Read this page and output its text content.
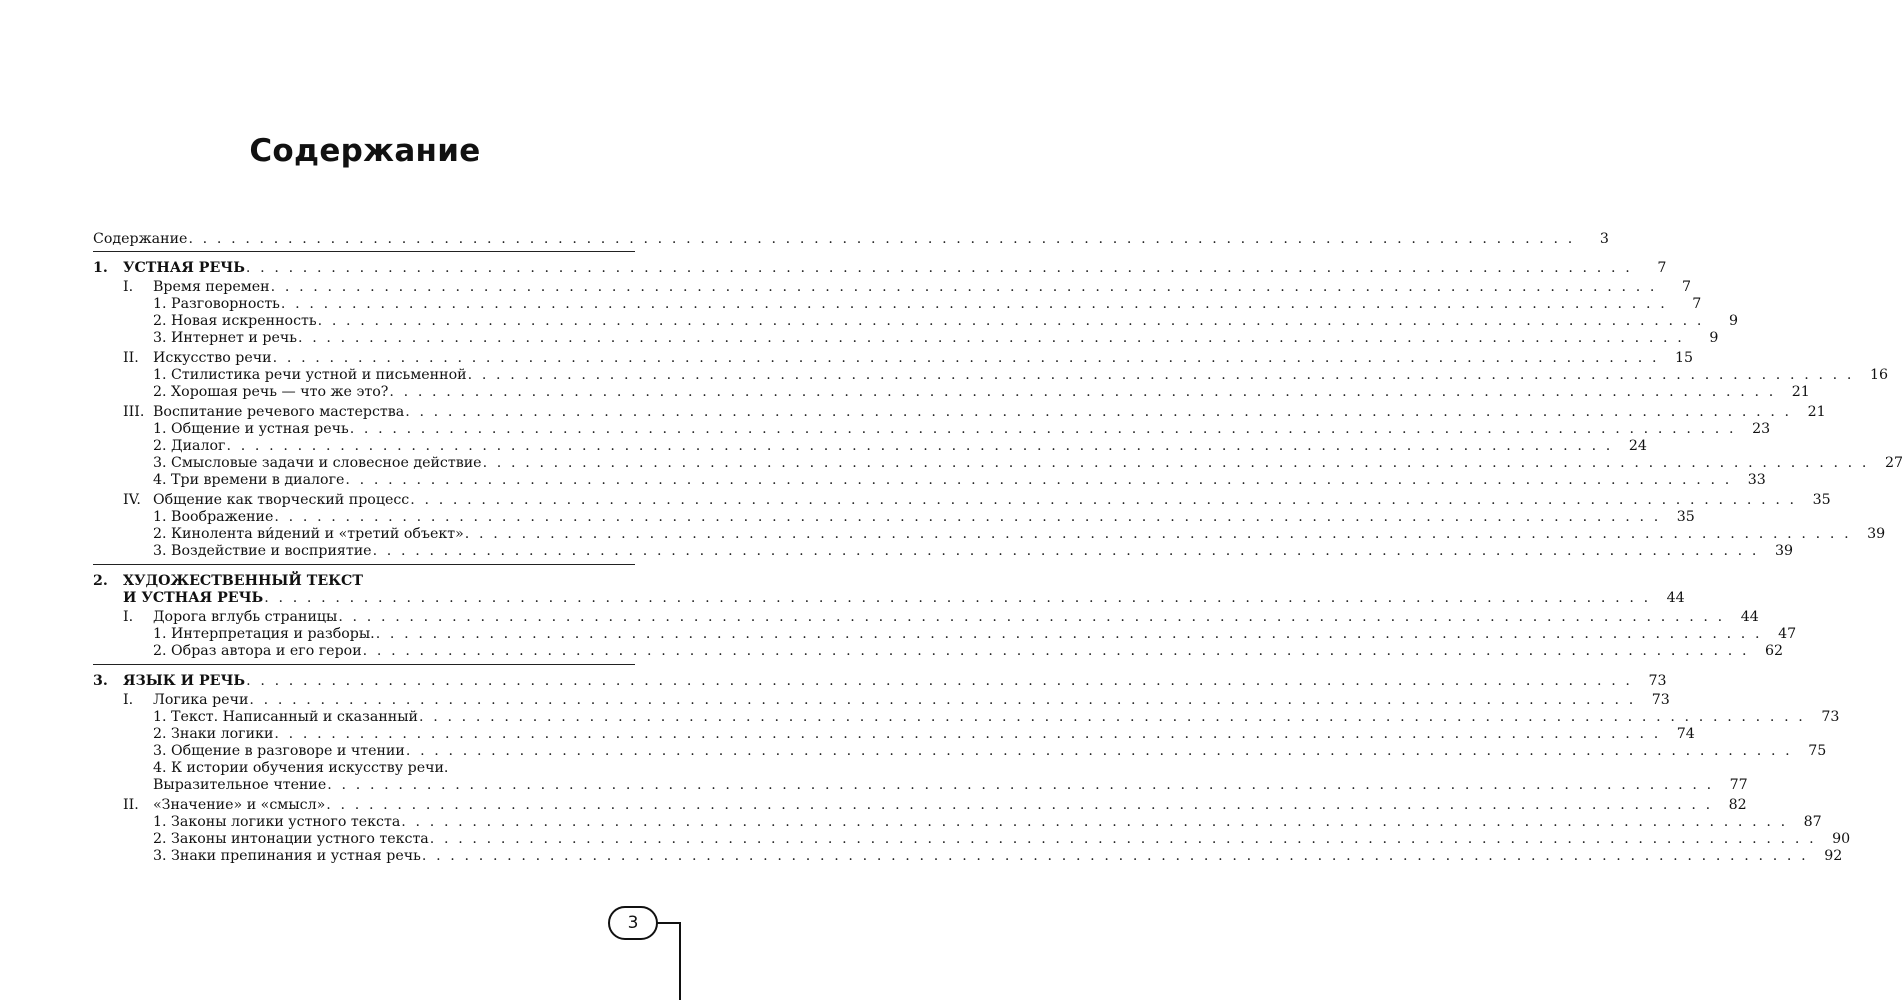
Содержание
Содержание . . . . . . . . . . . . . . . . . . . . . . . . . . . . . . . . . . . . . . . . . . . . . . . . . . . . . . . . . . . . . . . . . . . . . . . . . . . . . . . . . . . . . . . . . . . . . . . . . .	3
1.	УСТНАЯ РЕЧЬ . . . . . . . . . . . . . . . . . . . . . . . . . . . . . . . . . . . . . . . . . . . . . . . . . . . . . . . . . . . . . . . . . . . . . . . . . . . . . . . . . . . . . . . . . . . . . . . . . .	7
I.	Время перемен . . . . . . . . . . . . . . . . . . . . . . . . . . . . . . . . . . . . . . . . . . . . . . . . . . . . . . . . . . . . . . . . . . . . . . . . . . . . . . . . . . . . . . . . . . . . . . . . . .	7
1. Разговорность . . . . . . . . . . . . . . . . . . . . . . . . . . . . . . . . . . . . . . . . . . . . . . . . . . . . . . . . . . . . . . . . . . . . . . . . . . . . . . . . . . . . . . . . . . . . . . . . . .	7
2. Новая искренность . . . . . . . . . . . . . . . . . . . . . . . . . . . . . . . . . . . . . . . . . . . . . . . . . . . . . . . . . . . . . . . . . . . . . . . . . . . . . . . . . . . . . . . . . . . . . . . . . .	9
3. Интернет и речь . . . . . . . . . . . . . . . . . . . . . . . . . . . . . . . . . . . . . . . . . . . . . . . . . . . . . . . . . . . . . . . . . . . . . . . . . . . . . . . . . . . . . . . . . . . . . . . . . .	9
II.	Искусство речи . . . . . . . . . . . . . . . . . . . . . . . . . . . . . . . . . . . . . . . . . . . . . . . . . . . . . . . . . . . . . . . . . . . . . . . . . . . . . . . . . . . . . . . . . . . . . . . . . .	15
1. Стилистика речи устной и письменной . . . . . . . . . . . . . . . . . . . . . . . . . . . . . . . . . . . . . . . . . . . . . . . . . . . . . . . . . . . . . . . . . . . . . . . . . . . . . . . . . . . . . . . . . . . . . . . . . .	16
2. Хорошая речь — что же это? . . . . . . . . . . . . . . . . . . . . . . . . . . . . . . . . . . . . . . . . . . . . . . . . . . . . . . . . . . . . . . . . . . . . . . . . . . . . . . . . . . . . . . . . . . . . . . . . . .	21
III. Воспитание речевого мастерства . . . . . . . . . . . . . . . . . . . . . . . . . . . . . . . . . . . . . . . . . . . . . . . . . . . . . . . . . . . . . . . . . . . . . . . . . . . . . . . . . . . . . . . . . . . . . . . . . .	21
1. Общение и устная речь . . . . . . . . . . . . . . . . . . . . . . . . . . . . . . . . . . . . . . . . . . . . . . . . . . . . . . . . . . . . . . . . . . . . . . . . . . . . . . . . . . . . . . . . . . . . . . . . . .	23
2. Диалог . . . . . . . . . . . . . . . . . . . . . . . . . . . . . . . . . . . . . . . . . . . . . . . . . . . . . . . . . . . . . . . . . . . . . . . . . . . . . . . . . . . . . . . . . . . . . . . . . .	24
3. Смысловые задачи и словесное действие . . . . . . . . . . . . . . . . . . . . . . . . . . . . . . . . . . . . . . . . . . . . . . . . . . . . . . . . . . . . . . . . . . . . . . . . . . . . . . . . . . . . . . . . . . . . . . . . . .	27
4. Три времени в диалоге . . . . . . . . . . . . . . . . . . . . . . . . . . . . . . . . . . . . . . . . . . . . . . . . . . . . . . . . . . . . . . . . . . . . . . . . . . . . . . . . . . . . . . . . . . . . . . . . . .	33
IV. Общение как творческий процесс . . . . . . . . . . . . . . . . . . . . . . . . . . . . . . . . . . . . . . . . . . . . . . . . . . . . . . . . . . . . . . . . . . . . . . . . . . . . . . . . . . . . . . . . . . . . . . . . . .	35
1. Воображение . . . . . . . . . . . . . . . . . . . . . . . . . . . . . . . . . . . . . . . . . . . . . . . . . . . . . . . . . . . . . . . . . . . . . . . . . . . . . . . . . . . . . . . . . . . . . . . . . .	35
2. Кинолента ви́дений и «третий объект» . . . . . . . . . . . . . . . . . . . . . . . . . . . . . . . . . . . . . . . . . . . . . . . . . . . . . . . . . . . . . . . . . . . . . . . . . . . . . . . . . . . . . . . . . . . . . . . . . .	39
3. Воздействие и восприятие . . . . . . . . . . . . . . . . . . . . . . . . . . . . . . . . . . . . . . . . . . . . . . . . . . . . . . . . . . . . . . . . . . . . . . . . . . . . . . . . . . . . . . . . . . . . . . . . . .	39
2.	ХУДОЖЕСТВЕННЫЙ ТЕКСТ
И УСТНАЯ РЕЧЬ . . . . . . . . . . . . . . . . . . . . . . . . . . . . . . . . . . . . . . . . . . . . . . . . . . . . . . . . . . . . . . . . . . . . . . . . . . . . . . . . . . . . . . . . . . . . . . . . . .	44
I.	Дорога вглубь страницы . . . . . . . . . . . . . . . . . . . . . . . . . . . . . . . . . . . . . . . . . . . . . . . . . . . . . . . . . . . . . . . . . . . . . . . . . . . . . . . . . . . . . . . . . . . . . . . . . .	44
1. Интерпретация и разборы. . . . . . . . . . . . . . . . . . . . . . . . . . . . . . . . . . . . . . . . . . . . . . . . . . . . . . . . . . . . . . . . . . . . . . . . . . . . . . . . . . . . . . . . . . . . . . . . . . .	47
2. Образ автора и его герои . . . . . . . . . . . . . . . . . . . . . . . . . . . . . . . . . . . . . . . . . . . . . . . . . . . . . . . . . . . . . . . . . . . . . . . . . . . . . . . . . . . . . . . . . . . . . . . . . .	62
3.	ЯЗЫК И РЕЧЬ . . . . . . . . . . . . . . . . . . . . . . . . . . . . . . . . . . . . . . . . . . . . . . . . . . . . . . . . . . . . . . . . . . . . . . . . . . . . . . . . . . . . . . . . . . . . . . . . . .	73
I.	Логика речи . . . . . . . . . . . . . . . . . . . . . . . . . . . . . . . . . . . . . . . . . . . . . . . . . . . . . . . . . . . . . . . . . . . . . . . . . . . . . . . . . . . . . . . . . . . . . . . . . .	73
1. Текст. Написанный и сказанный . . . . . . . . . . . . . . . . . . . . . . . . . . . . . . . . . . . . . . . . . . . . . . . . . . . . . . . . . . . . . . . . . . . . . . . . . . . . . . . . . . . . . . . . . . . . . . . . . .	73
2. Знаки логики . . . . . . . . . . . . . . . . . . . . . . . . . . . . . . . . . . . . . . . . . . . . . . . . . . . . . . . . . . . . . . . . . . . . . . . . . . . . . . . . . . . . . . . . . . . . . . . . . .	74
3. Общение в разговоре и чтении . . . . . . . . . . . . . . . . . . . . . . . . . . . . . . . . . . . . . . . . . . . . . . . . . . . . . . . . . . . . . . . . . . . . . . . . . . . . . . . . . . . . . . . . . . . . . . . . . .	75
4. К истории обучения искусству речи.
Выразительное чтение . . . . . . . . . . . . . . . . . . . . . . . . . . . . . . . . . . . . . . . . . . . . . . . . . . . . . . . . . . . . . . . . . . . . . . . . . . . . . . . . . . . . . . . . . . . . . . . . . .	77
II.	«Значение» и «смысл» . . . . . . . . . . . . . . . . . . . . . . . . . . . . . . . . . . . . . . . . . . . . . . . . . . . . . . . . . . . . . . . . . . . . . . . . . . . . . . . . . . . . . . . . . . . . . . . . . .	82
1. Законы логики устного текста . . . . . . . . . . . . . . . . . . . . . . . . . . . . . . . . . . . . . . . . . . . . . . . . . . . . . . . . . . . . . . . . . . . . . . . . . . . . . . . . . . . . . . . . . . . . . . . . . .	87
2. Законы интонации устного текста . . . . . . . . . . . . . . . . . . . . . . . . . . . . . . . . . . . . . . . . . . . . . . . . . . . . . . . . . . . . . . . . . . . . . . . . . . . . . . . . . . . . . . . . . . . . . . . . . .	90
3. Знаки препинания и устная речь . . . . . . . . . . . . . . . . . . . . . . . . . . . . . . . . . . . . . . . . . . . . . . . . . . . . . . . . . . . . . . . . . . . . . . . . . . . . . . . . . . . . . . . . . . . . . . . . . .	92
3
